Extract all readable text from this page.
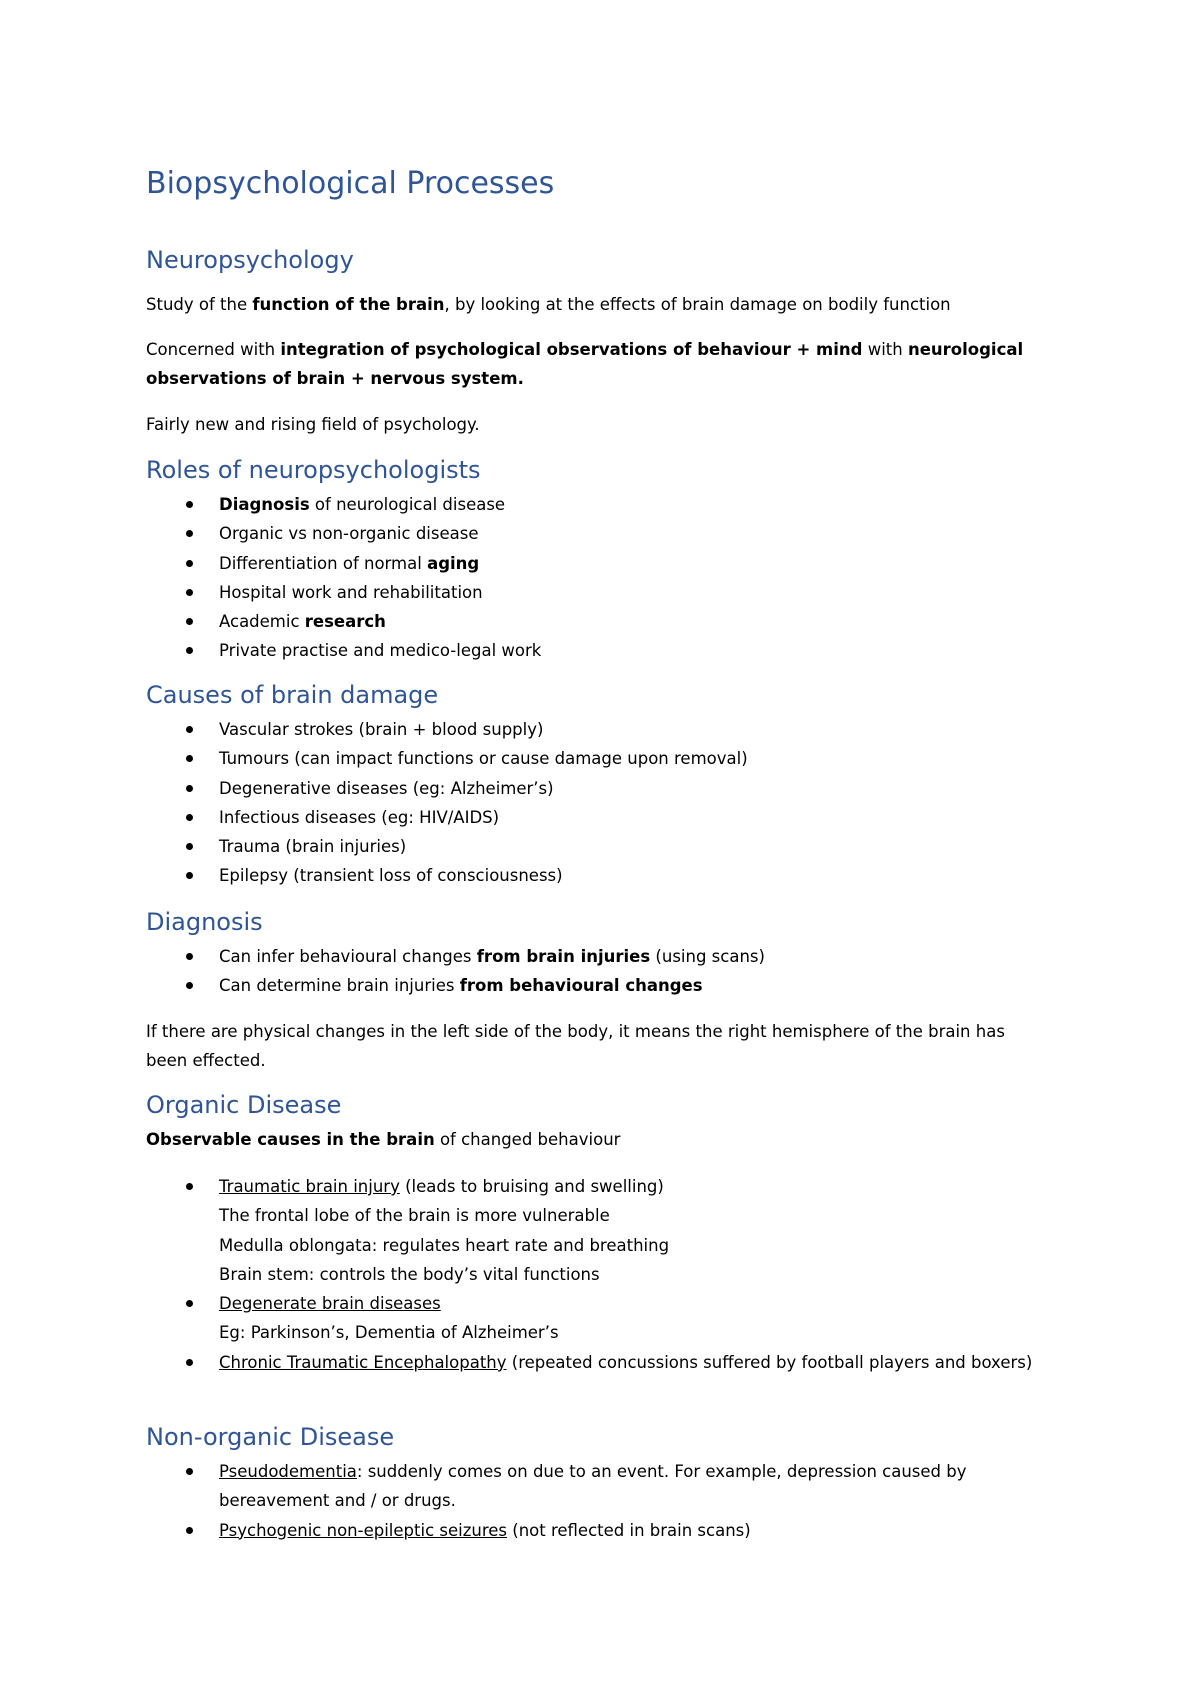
Biopsychological Processes
Neuropsychology

Study of the function of the brain, by looking at the effects of brain damage on bodily function

Concerned with integration of psychological observations of behaviour + mind with neurological observations of brain + nervous system.

Fairly new and rising field of psychology.

Roles of neuropsychologists
Diagnosis of neurological disease
Organic vs non-organic disease
Differentiation of normal aging
Hospital work and rehabilitation
Academic research
Private practise and medico-legal work
Causes of brain damage
Vascular strokes (brain + blood supply)
Tumours (can impact functions or cause damage upon removal)
Degenerative diseases (eg: Alzheimer’s)
Infectious diseases (eg: HIV/AIDS)
Trauma (brain injuries)
Epilepsy (transient loss of consciousness)
Diagnosis
Can infer behavioural changes from brain injuries (using scans)
Can determine brain injuries from behavioural changes

If there are physical changes in the left side of the body, it means the right hemisphere of the brain has been effected.

Organic Disease

Observable causes in the brain of changed behaviour

Traumatic brain injury (leads to bruising and swelling)
The frontal lobe of the brain is more vulnerable
Medulla oblongata: regulates heart rate and breathing
Brain stem: controls the body’s vital functions
Degenerate brain diseases
Eg: Parkinson’s, Dementia of Alzheimer’s
Chronic Traumatic Encephalopathy (repeated concussions suffered by football players and boxers)
Non-organic Disease
Pseudodementia: suddenly comes on due to an event. For example, depression caused by bereavement and / or drugs.
Psychogenic non-epileptic seizures (not reflected in brain scans)
